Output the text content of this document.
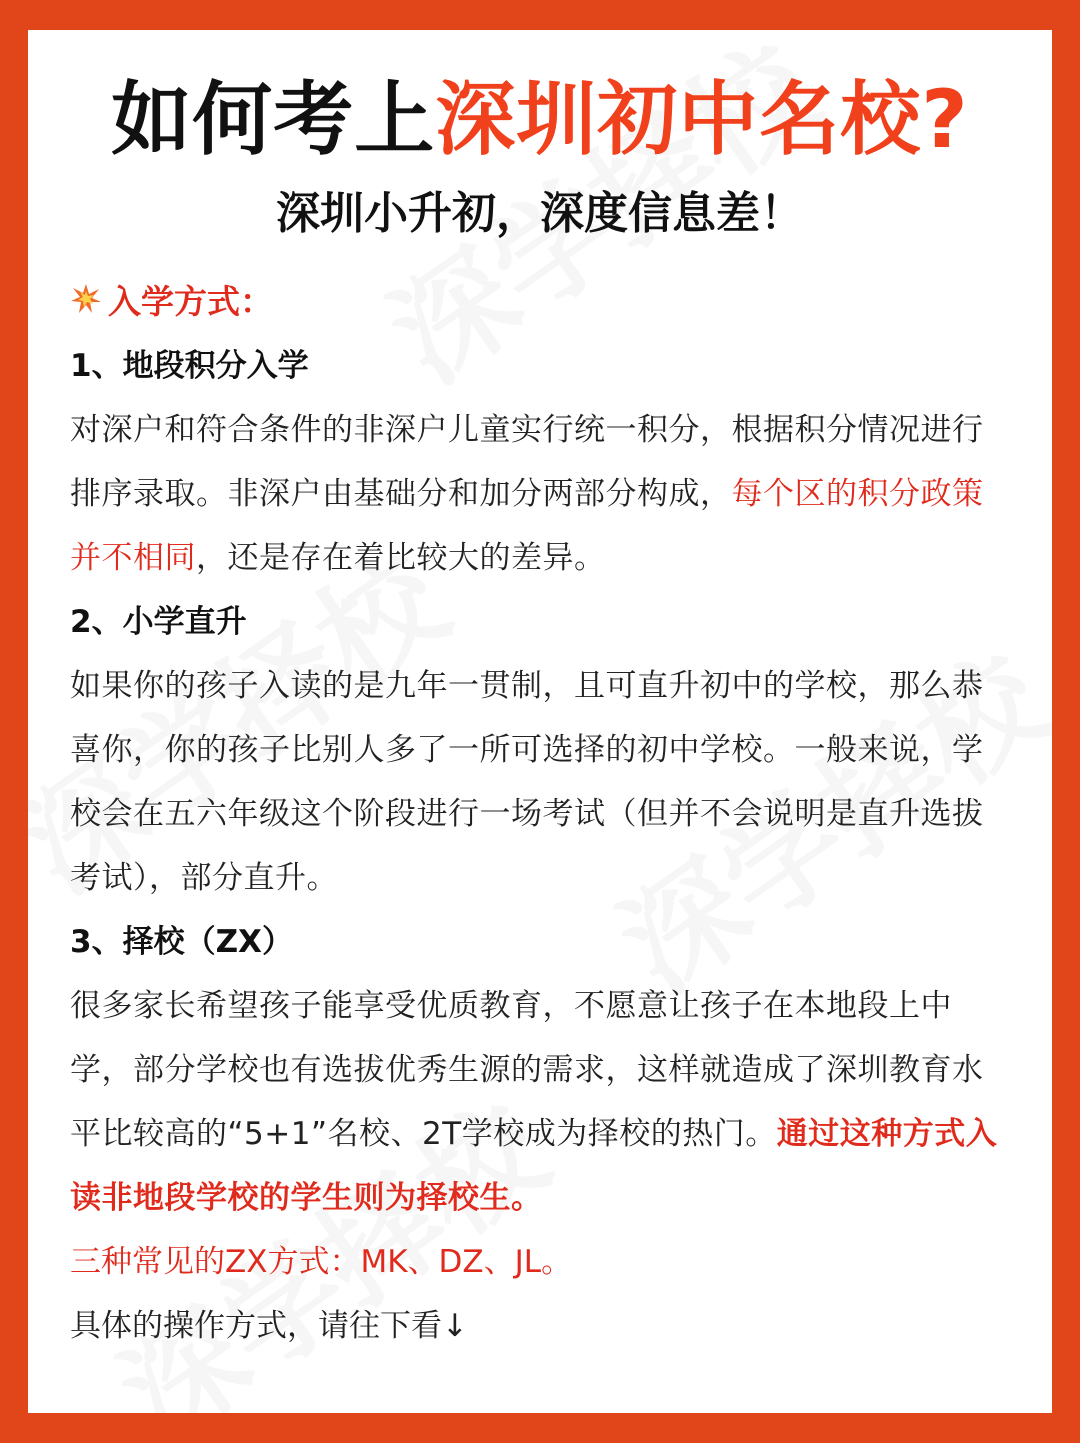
如何考上深圳初中名校?
深圳小升初，深度信息差！
入学方式：
1、地段积分入学
对深户和符合条件的非深户儿童实行统一积分，根据积分情况进行排序录取。非深户由基础分和加分两部分构成，每个区的积分政策并不相同，还是存在着比较大的差异。
2、小学直升
如果你的孩子入读的是九年一贯制，且可直升初中的学校，那么恭喜你，你的孩子比别人多了一所可选择的初中学校。一般来说，学校会在五六年级这个阶段进行一场考试（但并不会说明是直升选拔考试），部分直升。
3、择校（ZX）
很多家长希望孩子能享受优质教育，不愿意让孩子在本地段上中学，部分学校也有选拔优秀生源的需求，这样就造成了深圳教育水平比较高的“5+1”名校、2T学校成为择校的热门。通过这种方式入读非地段学校的学生则为择校生。
三种常见的ZX方式：MK、DZ、JL。
具体的操作方式，请往下看↓
